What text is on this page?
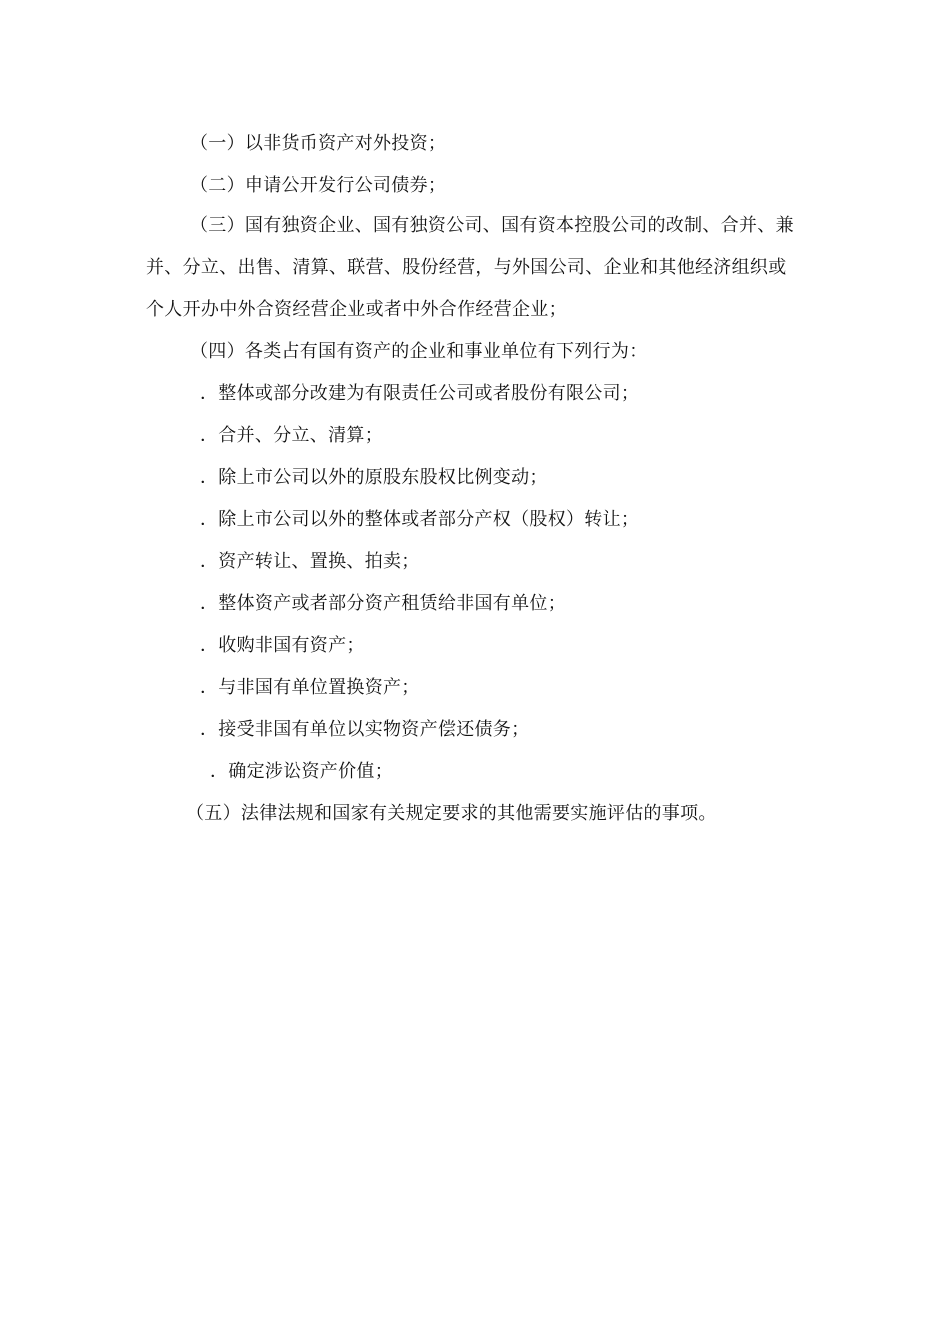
（一）以非货币资产对外投资；
（二）申请公开发行公司债券；
（三）国有独资企业、国有独资公司、国有资本控股公司的改制、合并、兼
并、分立、出售、清算、联营、股份经营，与外国公司、企业和其他经济组织或
个人开办中外合资经营企业或者中外合作经营企业；
（四）各类占有国有资产的企业和事业单位有下列行为：
．整体或部分改建为有限责任公司或者股份有限公司；
．合并、分立、清算；
．除上市公司以外的原股东股权比例变动；
．除上市公司以外的整体或者部分产权（股权）转让；
．资产转让、置换、拍卖；
．整体资产或者部分资产租赁给非国有单位；
．收购非国有资产；
．与非国有单位置换资产；
．接受非国有单位以实物资产偿还债务；
．确定涉讼资产价值；
（五）法律法规和国家有关规定要求的其他需要实施评估的事项。
